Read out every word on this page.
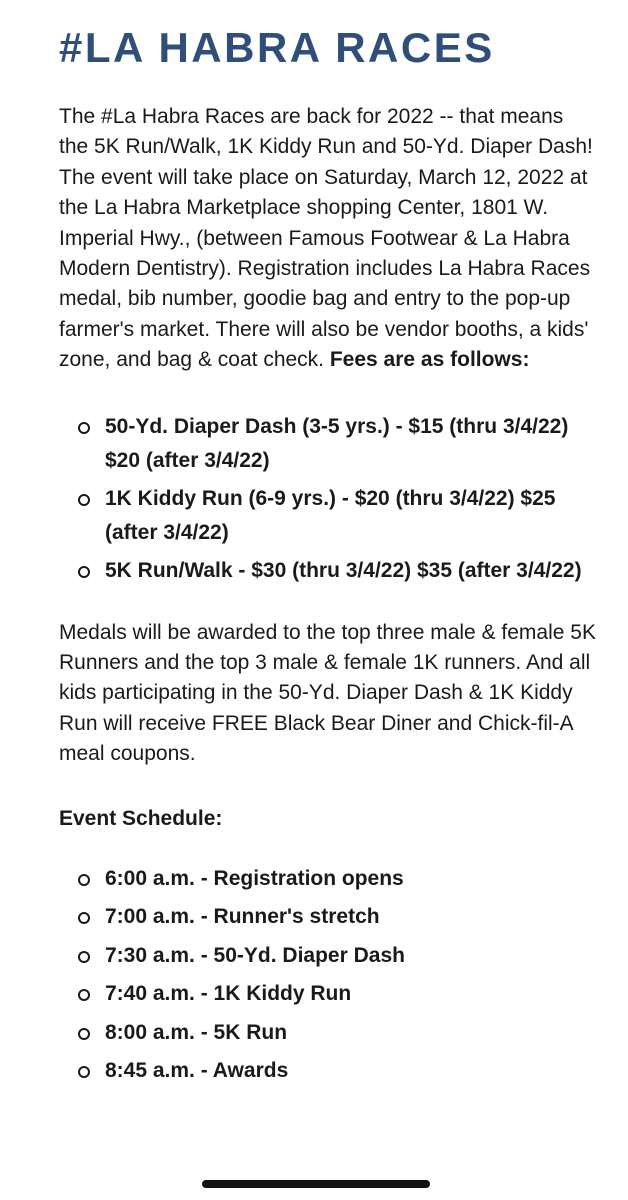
#LA HABRA RACES

The #La Habra Races are back for 2022 -- that means the 5K Run/Walk, 1K Kiddy Run and 50-Yd. Diaper Dash! The event will take place on Saturday, March 12, 2022 at the La Habra Marketplace shopping Center, 1801 W. Imperial Hwy., (between Famous Footwear & La Habra Modern Dentistry). Registration includes La Habra Races medal, bib number, goodie bag and entry to the pop-up farmer's market. There will also be vendor booths, a kids' zone, and bag & coat check. Fees are as follows:

50-Yd. Diaper Dash (3-5 yrs.) - $15 (thru 3/4/22) $20 (after 3/4/22)
1K Kiddy Run (6-9 yrs.) - $20 (thru 3/4/22) $25 (after 3/4/22)
5K Run/Walk - $30 (thru 3/4/22) $35 (after 3/4/22)

Medals will be awarded to the top three male & female 5K Runners and the top 3 male & female 1K runners. And all kids participating in the 50-Yd. Diaper Dash & 1K Kiddy Run will receive FREE Black Bear Diner and Chick-fil-A meal coupons.

Event Schedule:
6:00 a.m. - Registration opens
7:00 a.m. - Runner's stretch
7:30 a.m. - 50-Yd. Diaper Dash
7:40 a.m. - 1K Kiddy Run
8:00 a.m. - 5K Run
8:45 a.m. - Awards
